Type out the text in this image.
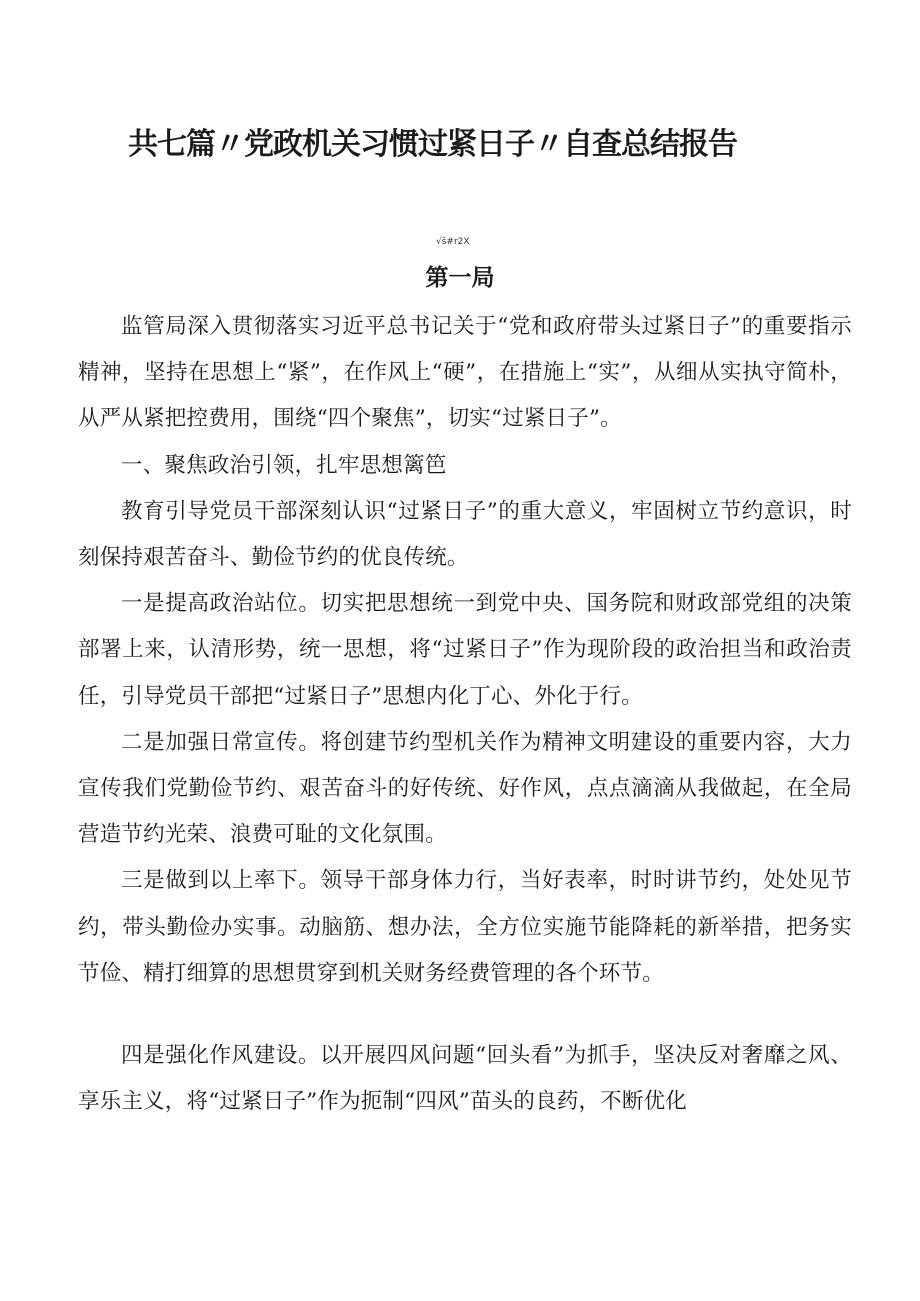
共七篇〃党政机关习惯过紧日子〃自查总结报告
√š#r2X
第一局

监管局深入贯彻落实习近平总书记关于“党和政府带头过紧日子”的重要指示精神，坚持在思想上“紧”，在作风上“硬”，在措施上“实”，从细从实执守简朴，从严从紧把控费用，围绕“四个聚焦”，切实“过紧日子”。

一、聚焦政治引领，扎牢思想篱笆

教育引导党员干部深刻认识“过紧日子”的重大意义，牢固树立节约意识，时刻保持艰苦奋斗、勤俭节约的优良传统。

一是提高政治站位。切实把思想统一到党中央、国务院和财政部党组的决策部署上来，认清形势，统一思想，将“过紧日子”作为现阶段的政治担当和政治责任，引导党员干部把“过紧日子”思想内化丁心、外化于行。

二是加强日常宣传。将创建节约型机关作为精神文明建设的重要内容，大力宣传我们党勤俭节约、艰苦奋斗的好传统、好作风，点点滴滴从我做起，在全局营造节约光荣、浪费可耻的文化氛围。

三是做到以上率下。领导干部身体力行，当好表率，时时讲节约，处处见节约，带头勤俭办实事。动脑筋、想办法，全方位实施节能降耗的新举措，把务实节俭、精打细算的思想贯穿到机关财务经费管理的各个环节。

四是强化作风建设。以开展四风问题“回头看”为抓手，坚决反对奢靡之风、享乐主义，将“过紧日子”作为扼制“四风”苗头的良药，不断优化
